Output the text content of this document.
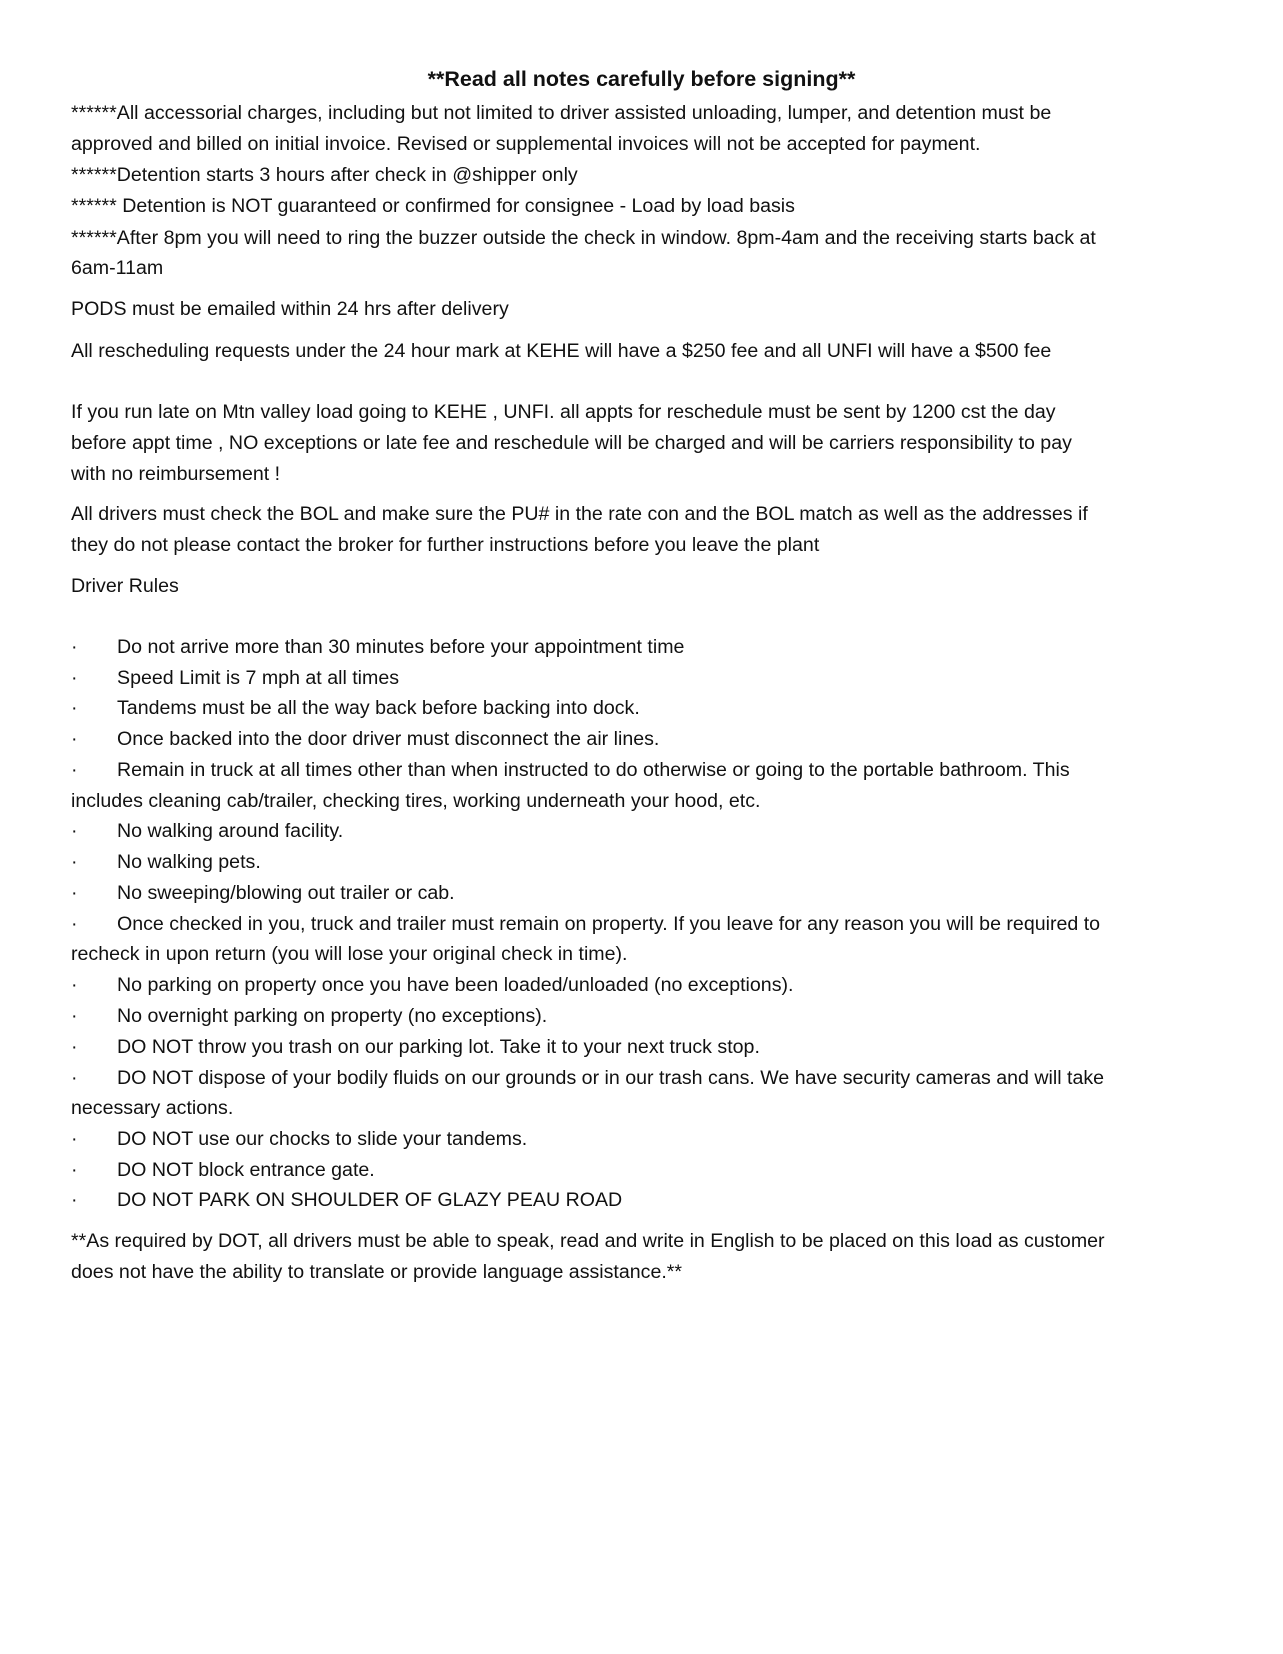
**Read all notes carefully before signing**
******All accessorial charges, including but not limited to driver assisted unloading, lumper, and detention must be
approved and billed on initial invoice. Revised or supplemental invoices will not be accepted for payment.
******Detention starts 3 hours after check in @shipper only
****** Detention is NOT guaranteed or confirmed for consignee - Load by load basis
******After 8pm you will need to ring the buzzer outside the check in window. 8pm-4am and the receiving starts back at
6am-11am
PODS must be emailed within 24 hrs after delivery
All rescheduling requests under the 24 hour mark at KEHE will have a $250 fee and all UNFI will have a $500 fee
If you run late on Mtn valley load going to KEHE , UNFI. all appts for reschedule must be sent by 1200 cst the day
before appt time , NO exceptions or late fee and reschedule will be charged and will be carriers responsibility to pay
with no reimbursement !
All drivers must check the BOL and make sure the PU# in the rate con and the BOL match as well as the addresses if
they do not please contact the broker for further instructions before you leave the plant
Driver Rules
· Do not arrive more than 30 minutes before your appointment time
· Speed Limit is 7 mph at all times
· Tandems must be all the way back before backing into dock.
· Once backed into the door driver must disconnect the air lines.
· Remain in truck at all times other than when instructed to do otherwise or going to the portable bathroom. This
includes cleaning cab/trailer, checking tires, working underneath your hood, etc.
· No walking around facility.
· No walking pets.
· No sweeping/blowing out trailer or cab.
· Once checked in you, truck and trailer must remain on property. If you leave for any reason you will be required to
recheck in upon return (you will lose your original check in time).
· No parking on property once you have been loaded/unloaded (no exceptions).
· No overnight parking on property (no exceptions).
· DO NOT throw you trash on our parking lot. Take it to your next truck stop.
· DO NOT dispose of your bodily fluids on our grounds or in our trash cans. We have security cameras and will take
necessary actions.
· DO NOT use our chocks to slide your tandems.
· DO NOT block entrance gate.
· DO NOT PARK ON SHOULDER OF GLAZY PEAU ROAD
**As required by DOT, all drivers must be able to speak, read and write in English to be placed on this load as customer
does not have the ability to translate or provide language assistance.**
